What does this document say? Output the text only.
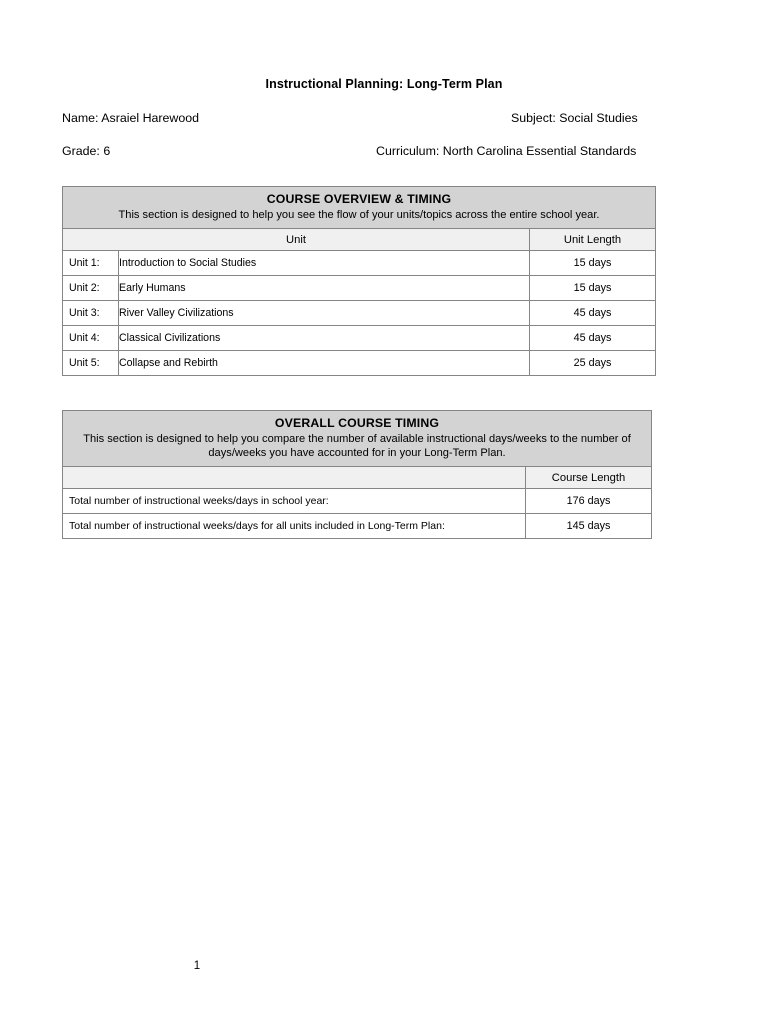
Instructional Planning: Long-Term Plan
Name: Asraiel Harewood	Subject: Social Studies
Grade: 6	Curriculum: North Carolina Essential Standards
COURSE OVERVIEW & TIMING
This section is designed to help you see the flow of your units/topics across the entire school year.		

Unit		Unit Length
Unit 1:	Introduction to Social Studies	15 days
Unit 2:	Early Humans	15 days
Unit 3:	River Valley Civilizations	45 days
Unit 4:	Classical Civilizations	45 days
Unit 5:	Collapse and Rebirth	25 days
OVERALL COURSE TIMING
This section is designed to help you compare the number of available instructional days/weeks to the number of days/weeks you have accounted for in your Long-Term Plan.	

	Course Length
Total number of instructional weeks/days in school year:	176 days
Total number of instructional weeks/days for all units included in Long-Term Plan:	145 days
1
